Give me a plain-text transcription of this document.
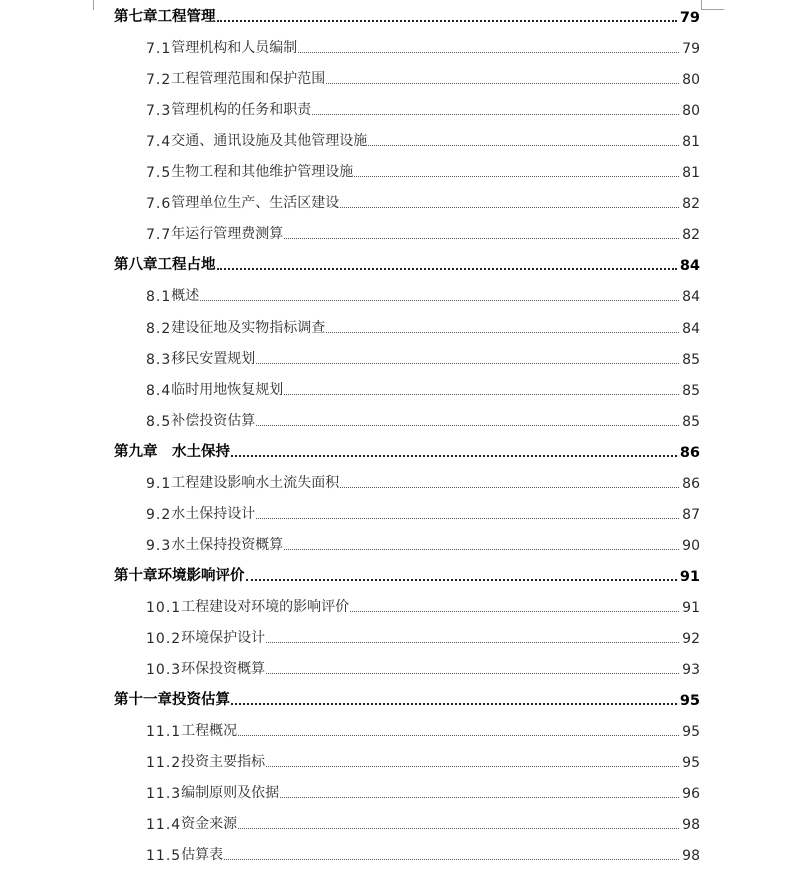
第七章工程管理	79
7.1 管理机构和人员编制	79
7.2 工程管理范围和保护范围	80
7.3 管理机构的任务和职责	80
7.4 交通、通讯设施及其他管理设施	81
7.5 生物工程和其他维护管理设施	81
7.6 管理单位生产、生活区建设	82
7.7 年运行管理费测算	82
第八章工程占地	84
8.1 概述	84
8.2 建设征地及实物指标调查	84
8.3 移民安置规划	85
8.4 临时用地恢复规划	85
8.5 补偿投资估算	85
第九章　水土保持	86
9.1 工程建设影响水土流失面积	86
9.2 水土保持设计	87
9.3 水土保持投资概算	90
第十章环境影响评价	91
10.1 工程建设对环境的影响评价	91
10.2 环境保护设计	92
10.3 环保投资概算	93
第十一章投资估算	95
11.1 工程概况	95
11.2 投资主要指标	95
11.3 编制原则及依据	96
11.4 资金来源	98
11.5 估算表	98
